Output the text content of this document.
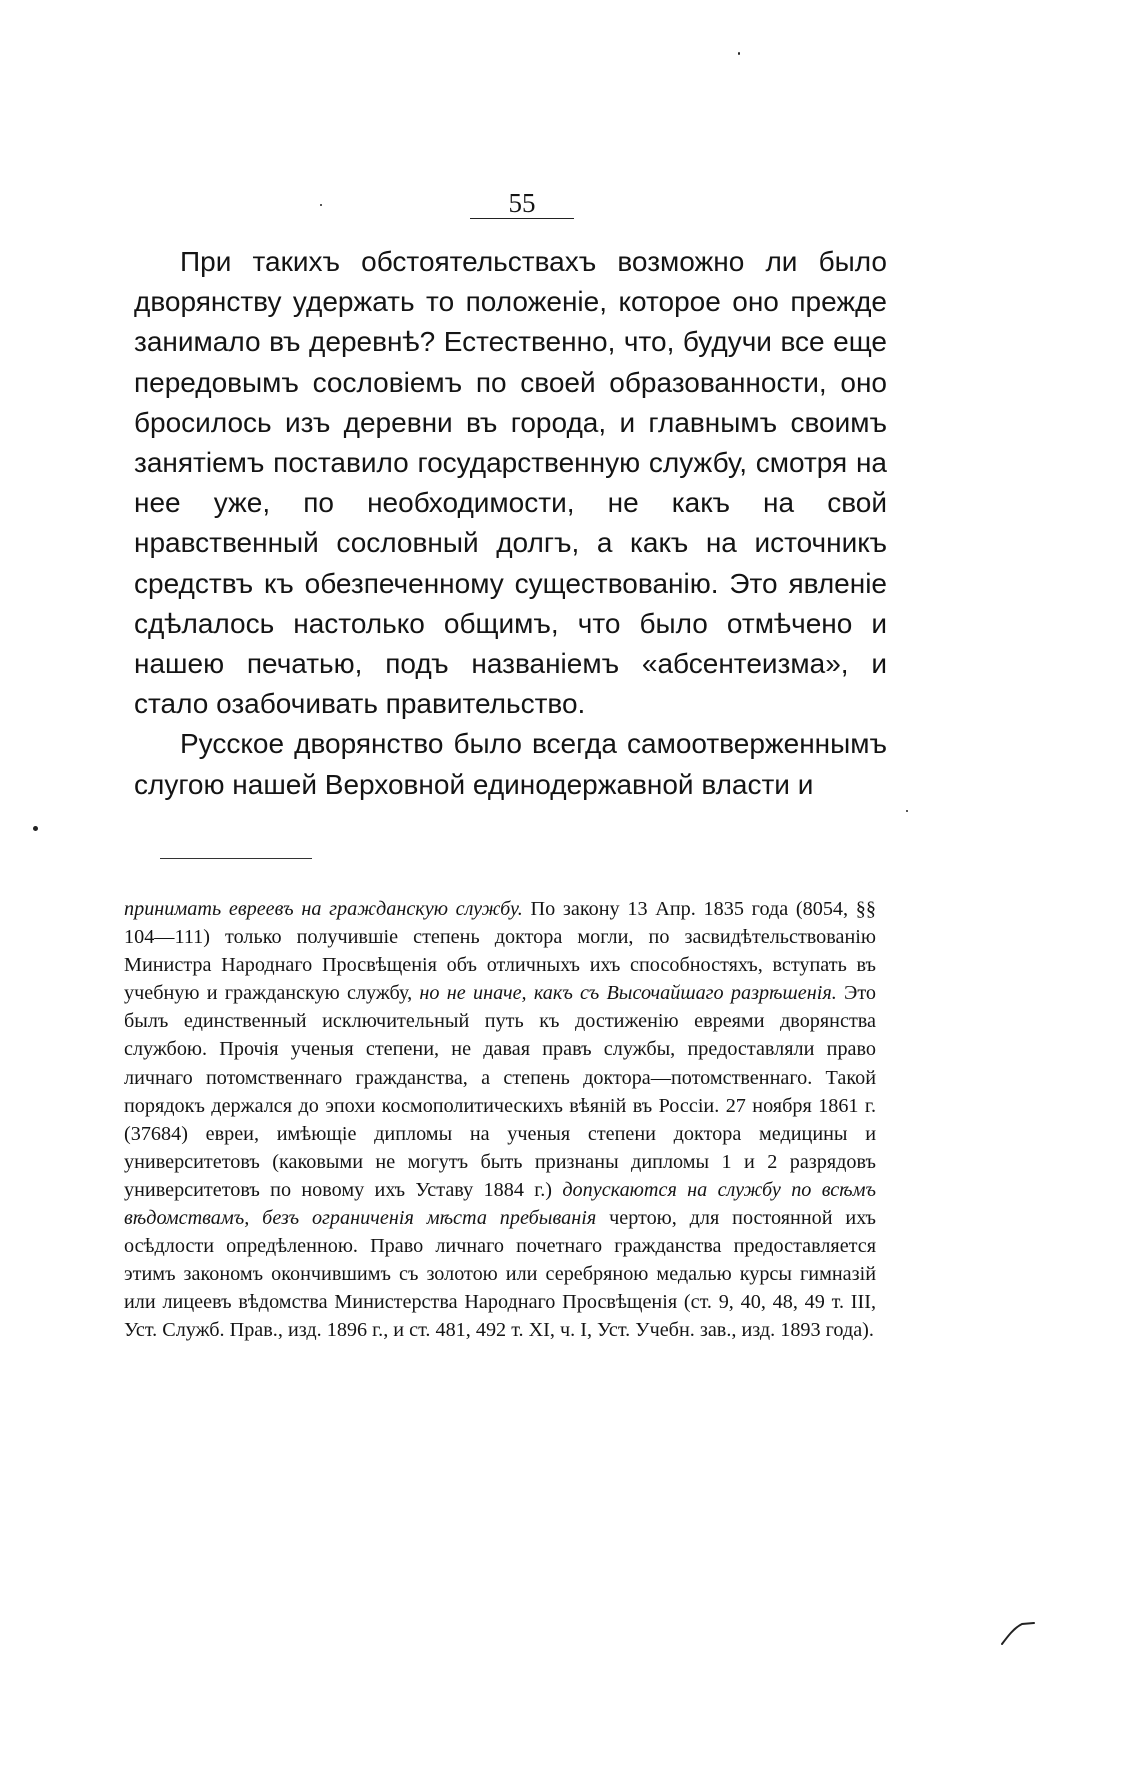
55

При такихъ обстоятельствахъ возможно ли было дворянству удержать то положеніе, которое оно прежде занимало въ деревнѣ? Естественно, что, будучи все еще передовымъ сословіемъ по своей образованности, оно бросилось изъ деревни въ города, и главнымъ своимъ занятіемъ поставило государственную службу, смотря на нее уже, по необходимости, не какъ на свой нравственный сословный долгъ, а какъ на источникъ средствъ къ обезпеченному существованію. Это явленіе сдѣлалось настолько общимъ, что было отмѣчено и нашею печатью, подъ названіемъ «абсентеизма», и стало озабочивать правительство.

Русское дворянство было всегда самоотверженнымъ слугою нашей Верховной единодержавной власти и

принимать евреевъ на гражданскую службу. По закону 13 Апр. 1835 года (8054, §§ 104—111) только получившіе степень доктора могли, по засвидѣтельствованію Министра Народнаго Просвѣщенія объ отличныхъ ихъ способностяхъ, вступать въ учебную и гражданскую службу, но не иначе, какъ съ Высочайшаго разрѣшенія. Это былъ единственный исключительный путь къ достиженію евреями дворянства службою. Прочія ученыя степени, не давая правъ службы, предоставляли право личнаго потомственнаго гражданства, а степень доктора—потомственнаго. Такой порядокъ держался до эпохи космополитическихъ вѣяній въ Россіи. 27 ноября 1861 г. (37684) евреи, имѣющіе дипломы на ученыя степени доктора медицины и университетовъ (каковыми не могутъ быть признаны дипломы 1 и 2 разрядовъ университетовъ по новому ихъ Уставу 1884 г.) допускаются на службу по всѣмъ вѣдомствамъ, безъ ограниченія мѣста пребыванія чертою, для постоянной ихъ осѣдлости опредѣленною. Право личнаго почетнаго гражданства предоставляется этимъ закономъ окончившимъ съ золотою или серебряною медалью курсы гимназій или лицеевъ вѣдомства Министерства Народнаго Просвѣщенія (ст. 9, 40, 48, 49 т. III, Уст. Служб. Прав., изд. 1896 г., и ст. 481, 492 т. XI, ч. I, Уст. Учебн. зав., изд. 1893 года).
